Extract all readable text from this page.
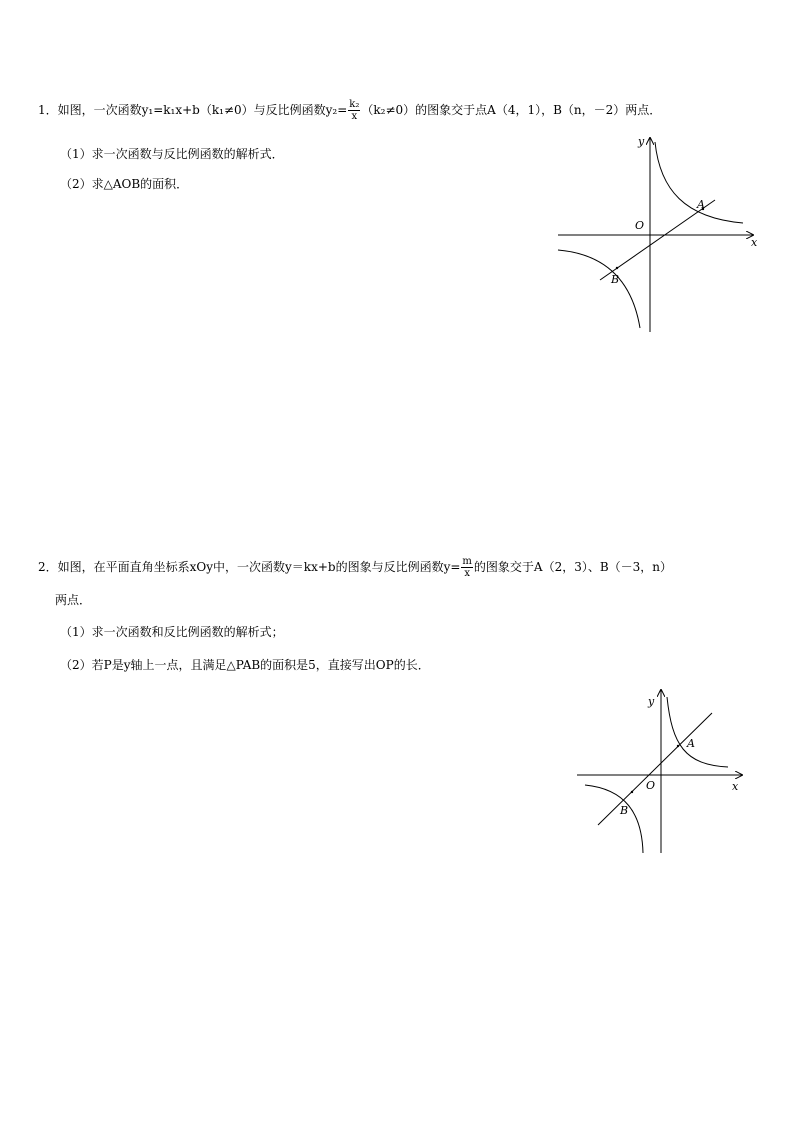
1．如图，一次函数y₁=k₁x+b（k₁≠0）与反比例函数$y_2= \frac{\text{k₂}}{x} (k_2\ne 0)$的图象交于点A（4，1），B（n，－2）两点．
（1）求一次函数与反比例函数的解析式．
（2）求△AOB的面积．
y
x
O
A
B
2．如图，在平面直角坐标系xOy中，一次函数y＝kx+b的图象与反比例函数$y= \frac{m}{x}$ 的图象交于A（2，3）、B（－3，n）
两点．
（1）求一次函数和反比例函数的解析式；
（2）若P是y轴上一点，且满足△PAB的面积是5，直接写出OP的长．
y
x
O
A
B
